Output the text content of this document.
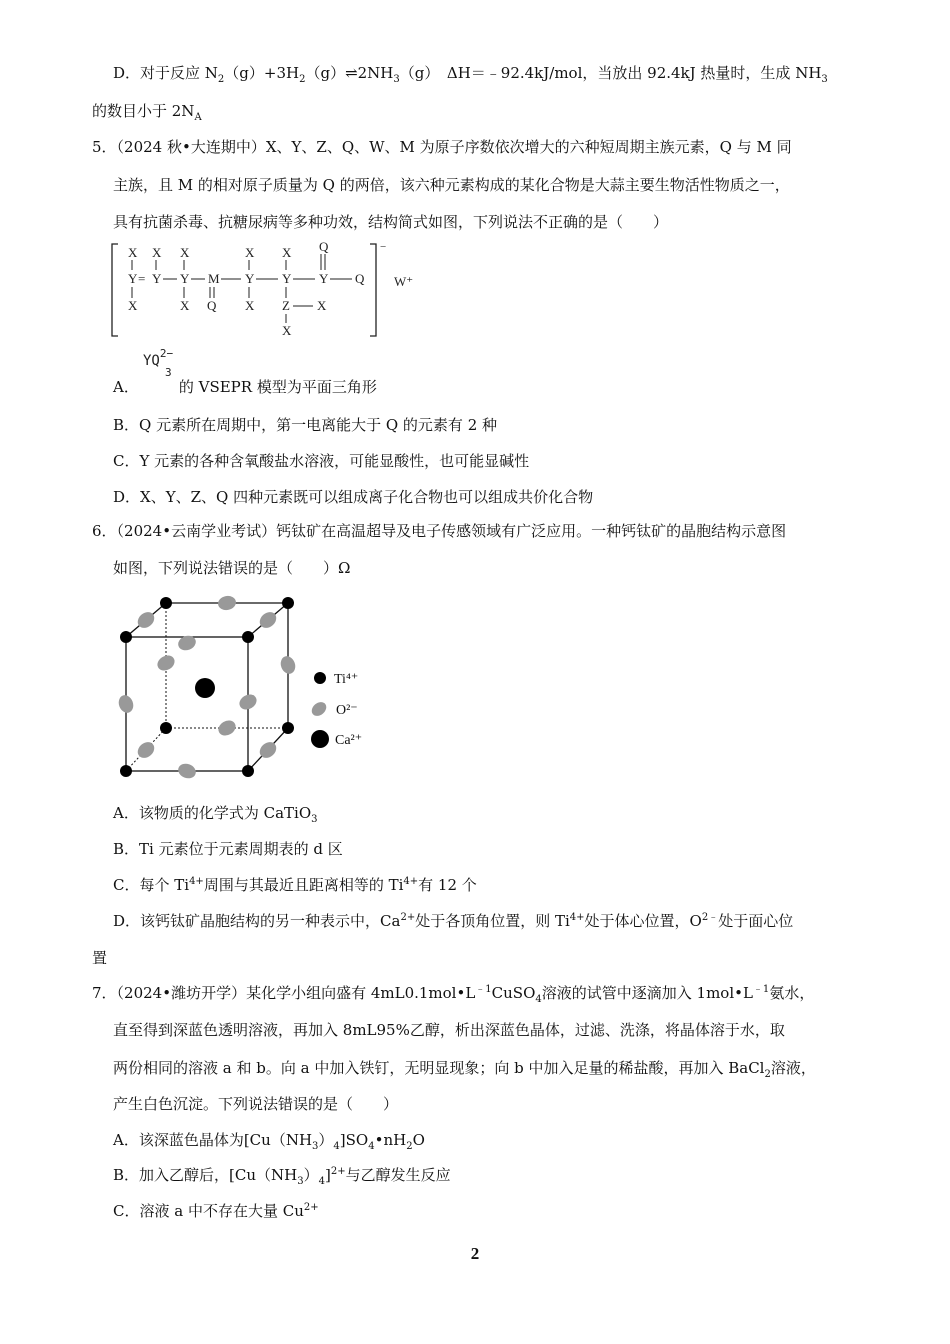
D．对于反应 $N_2(g)+3H_2(g)\rightleftharpoons 2NH_3(g)$　ΔH＝﹣92.4kJ/mol，当放出 92.4kJ 热量时，生成 $NH_3$
的数目小于 $2N_A$
5．（2024 秋•大连期中）X、Y、Z、Q、W、M 为原子序数依次增大的六种短周期主族元素，Q 与 M 同
主族，且 M 的相对原子质量为 Q 的两倍，该六种元素构成的某化合物是大蒜主要生物活性物质之一，
具有抗菌杀毒、抗糖尿病等多种功效，结构简式如图，下列说法不正确的是（　　）
−
W⁺
X X X	X X Q
Y = Y Y M Y Y Y Q
X	X Q X Z X
X
$YQ^{2-}$
3
A．	的 VSEPR 模型为平面三角形
B．Q 元素所在周期中，第一电离能大于 Q 的元素有 2 种
C．Y 元素的各种含氧酸盐水溶液，可能显酸性，也可能显碱性
D．X、Y、Z、Q 四种元素既可以组成离子化合物也可以组成共价化合物
6．（2024•云南学业考试）钙钛矿在高温超导及电子传感领域有广泛应用。一种钙钛矿的晶胞结构示意图
如图，下列说法错误的是（　　）Ω
Ti⁴⁺
O²⁻
Ca²⁺
A．该物质的化学式为 CaTiO$_3$
B．Ti 元素位于元素周期表的 d 区
C．每个 $Ti^{4+}$周围与其最近且距离相等的 $Ti^{4+}$有 12 个
D．该钙钛矿晶胞结构的另一种表示中，$Ca^{2+}$处于各顶角位置，则 $Ti^{4+}$处于体心位置，$O^{2﹣}$处于面心位
置
7．（2024•潍坊开学）某化学小组向盛有 $4mL0.1mol•L^{﹣1}CuSO_4$溶液的试管中逐滴加入 $1mol•L^{﹣1}$氨水，
直至得到深蓝色透明溶液，再加入 8mL95%乙醇，析出深蓝色晶体，过滤、洗涤，将晶体溶于水，取
两份相同的溶液 a 和 b。向 a 中加入铁钉，无明显现象；向 b 中加入足量的稀盐酸，再加入 BaCl$_2$溶液，
产生白色沉淀。下列说法错误的是（　　）
A．该深蓝色晶体为$[Cu(NH_3)_4]SO_4•nH_2O$
B．加入乙醇后，$[Cu(NH_3)_4]^{2+}$与乙醇发生反应
C．溶液 a 中不存在大量 $Cu^{2+}$
2
